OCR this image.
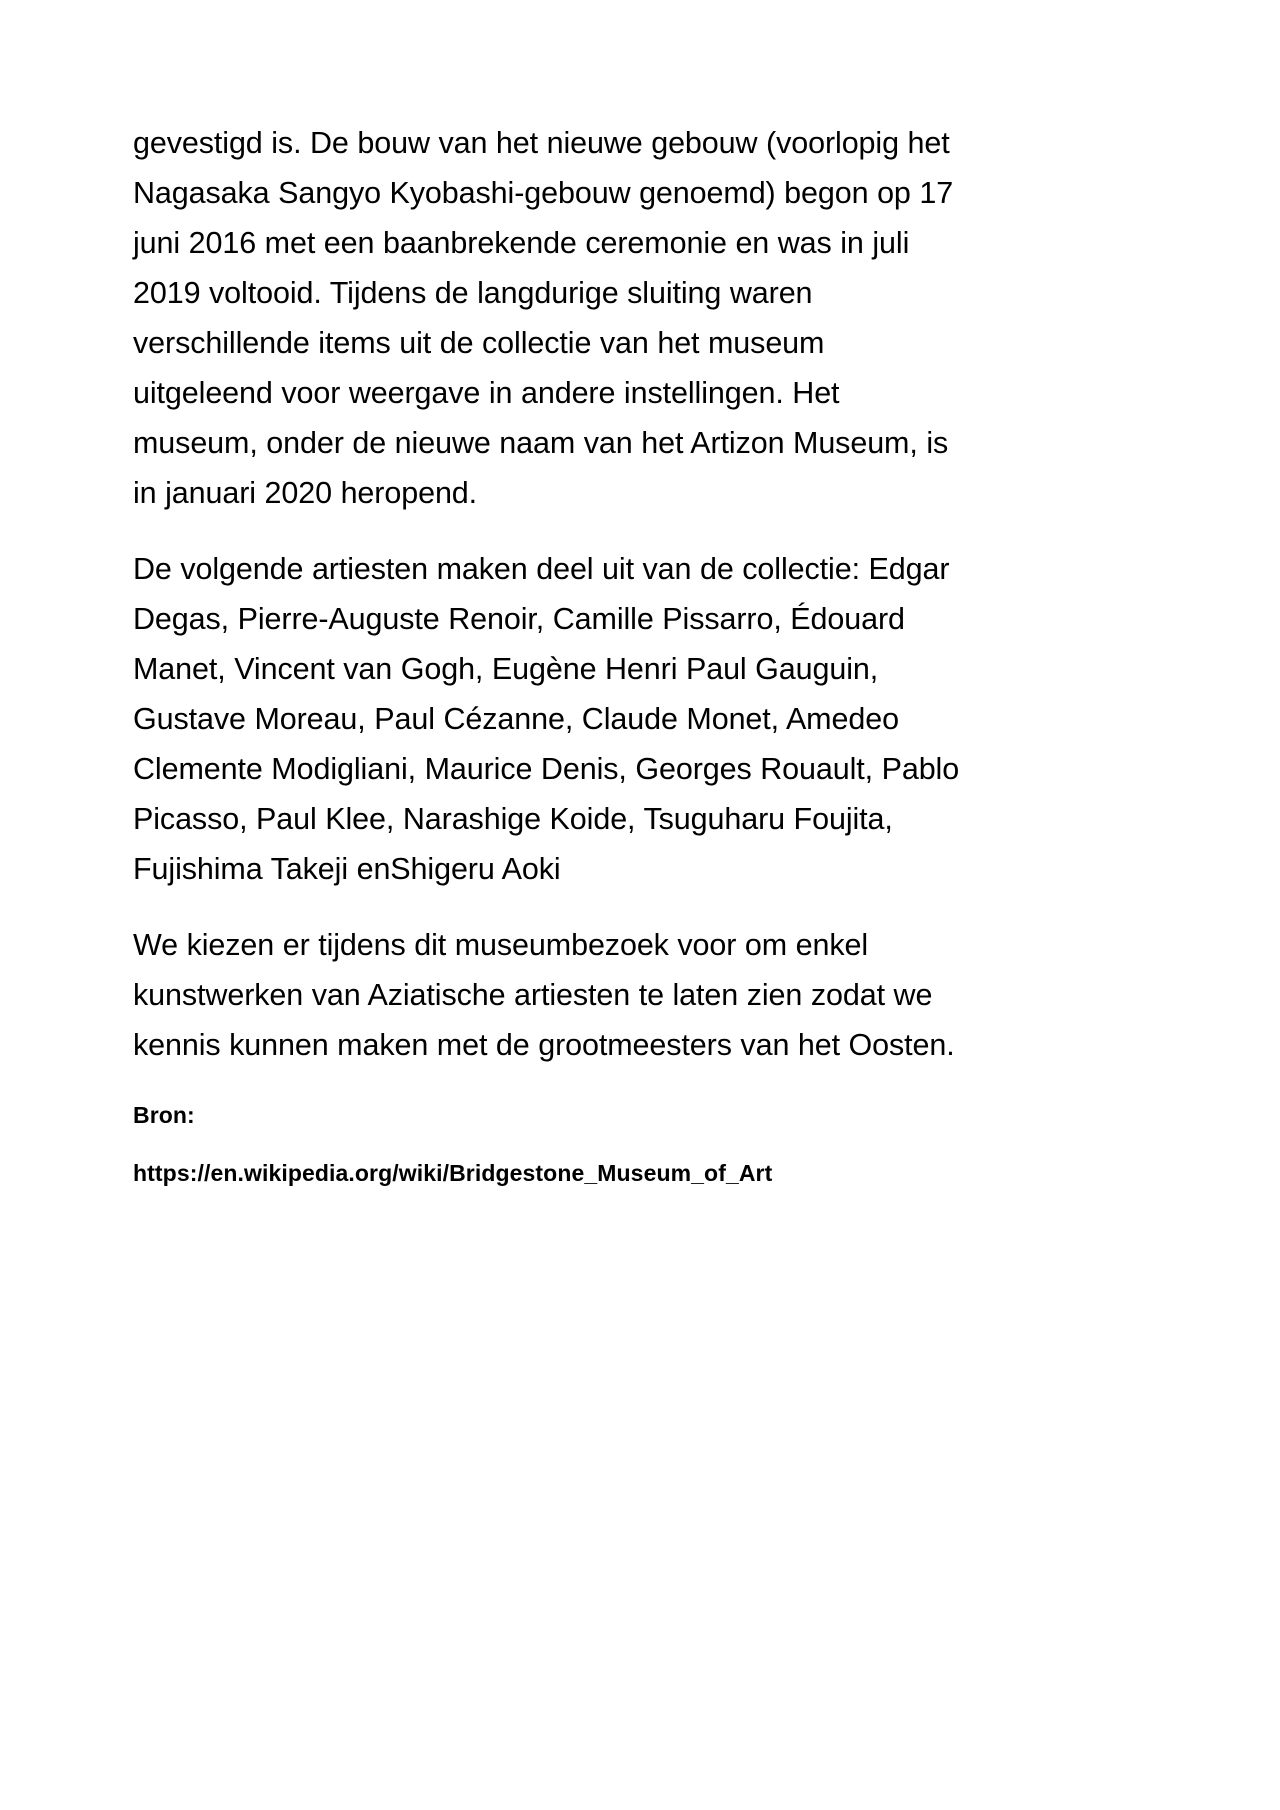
gevestigd is. De bouw van het nieuwe gebouw (voorlopig het Nagasaka Sangyo Kyobashi-gebouw genoemd) begon op 17 juni 2016 met een baanbrekende ceremonie en was in juli 2019 voltooid. Tijdens de langdurige sluiting waren verschillende items uit de collectie van het museum uitgeleend voor weergave in andere instellingen. Het museum, onder de nieuwe naam van het Artizon Museum, is in januari 2020 heropend.

De volgende artiesten maken deel uit van de collectie: Edgar Degas, Pierre-Auguste Renoir, Camille Pissarro, Édouard Manet, Vincent van Gogh, Eugène Henri Paul Gauguin, Gustave Moreau, Paul Cézanne, Claude Monet, Amedeo Clemente Modigliani, Maurice Denis, Georges Rouault, Pablo Picasso, Paul Klee, Narashige Koide, Tsuguharu Foujita, Fujishima Takeji enShigeru Aoki

We kiezen er tijdens dit museumbezoek voor om enkel kunstwerken van Aziatische artiesten te laten zien zodat we kennis kunnen maken met de grootmeesters van het Oosten.

Bron:

https://en.wikipedia.org/wiki/Bridgestone_Museum_of_Art
